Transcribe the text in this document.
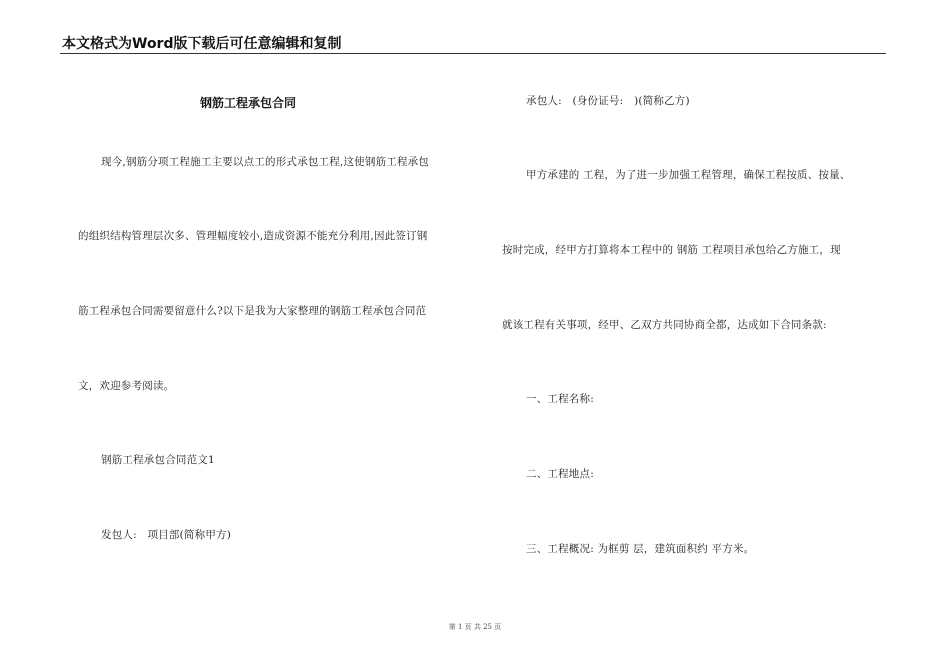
本文格式为Word版下载后可任意编辑和复制
钢筋工程承包合同
现今,钢筋分项工程施工主要以点工的形式承包工程,这使钢筋工程承包
的组织结构管理层次多、管理幅度较小,造成资源不能充分利用,因此签订钢
筋工程承包合同需要留意什么?以下是我为大家整理的钢筋工程承包合同范
文，欢迎参考阅读。
钢筋工程承包合同范文1
发包人:　项目部(简称甲方)
承包人:　(身份证号:　)(简称乙方)
甲方承建的 工程，为了进一步加强工程管理，确保工程按质、按量、
按时完成，经甲方打算将本工程中的 钢筋 工程项目承包给乙方施工，现
就该工程有关事项，经甲、乙双方共同协商全都，达成如下合同条款:
一、工程名称:
二、工程地点:
三、工程概况: 为框剪 层，建筑面积约 平方米。
第 1 页 共 25 页
